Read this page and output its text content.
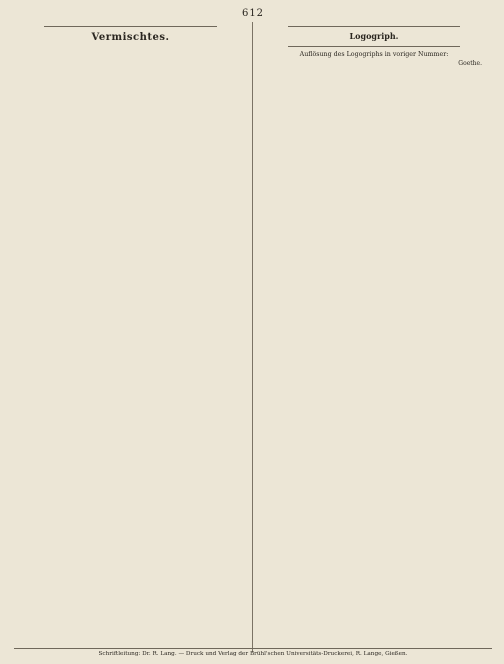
612

Vermischtes.	Logogriph.

Auflösung des Logogriphs in voriger Nummer:

Goethe.

Schriftleitung: Dr. R. Lang. — Druck und Verlag der Brühl'schen Universitäts-Druckerei, R. Lange, Gießen.
